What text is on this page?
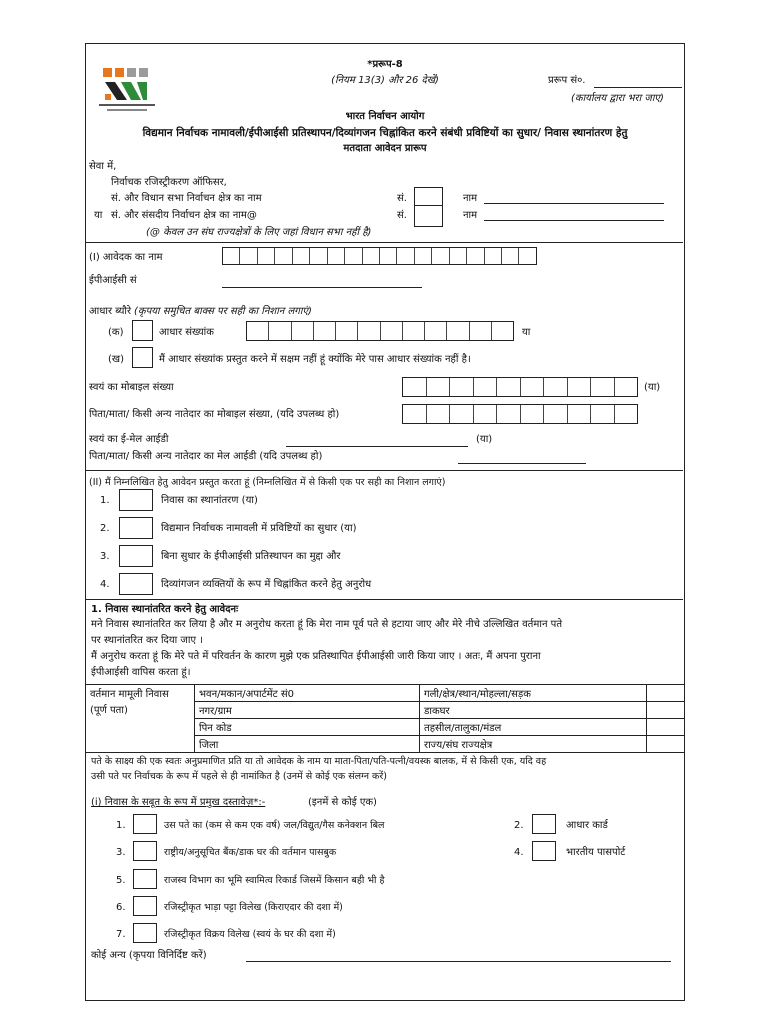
*प्ररूप-8
(नियम 13(3) और 26 देखें)	प्ररूप सं०.
(कार्यालय द्वारा भरा जाए)
भारत निर्वाचन आयोग
विद्यमान निर्वाचक नामावली/ईपीआईसी प्रतिस्थापन/दिव्यांगजन चिह्नांकित करने संबंधी प्रविष्टियों का सुधार/ निवास स्थानांतरण हेतु
मतदाता आवेदन प्रारूप
सेवा में,
निर्वाचक रजिस्ट्रीकरण ऑफिसर,
सं. और विधान सभा निर्वाचन क्षेत्र का नाम	सं.	नाम
या सं. और संसदीय निर्वाचन क्षेत्र का नाम@	सं.	नाम
(@ केवल उन संघ राज्यक्षेत्रों के लिए जहां विधान सभा नहीं है)
(I) आवेदक का नाम
ईपीआईसी सं
आधार ब्यौरे (कृपया समुचित बाक्स पर सही का निशान लगाएं)
(क)	आधार संख्यांक	या
(ख)	मैं आधार संख्यांक प्रस्तुत करने में सक्षम नहीं हूं क्योंकि मेरे पास आधार संख्यांक नहीं है।
स्वयं का मोबाइल संख्या	(या)
पिता/माता/ किसी अन्य नातेदार का मोबाइल संख्या, (यदि उपलब्ध हो)
स्वयं का ई-मेल आईडी	(या)
पिता/माता/ किसी अन्य नातेदार का मेल आईडी (यदि उपलब्ध हो)
(II) मैं निम्नलिखित हेतु आवेदन प्रस्तुत करता हूं (निम्नलिखित में से किसी एक पर सही का निशान लगाएं)
1.	निवास का स्थानांतरण (या)
2.	विद्यमान निर्वाचक नामावली में प्रविष्टियों का सुधार (या)
3.	बिना सुधार के ईपीआईसी प्रतिस्थापन का मुद्दा और
4.	दिव्यांगजन व्यक्तियों के रूप में चिह्नांकित करने हेतु अनुरोध
1. निवास स्थानांतरित करने हेतु आवेदनः
मने निवास स्थानांतरित कर लिया है और म अनुरोध करता हूं कि मेरा नाम पूर्व पते से हटाया जाए और मेरे नीचे उल्लिखित वर्तमान पते
पर स्थानांतरित कर दिया जाए ।
मैं अनुरोध करता हूं कि मेरे पते में परिवर्तन के कारण मुझे एक प्रतिस्थापित ईपीआईसी जारी किया जाए । अतः, मैं अपना पुराना
ईपीआईसी वापिस करता हूं।
वर्तमान मामूली निवास
(पूर्ण पता)	भवन/मकान/अपार्टमेंट सं0	गली/क्षेत्र/स्थान/मोहल्ला/सड़क	
	नगर/ग्राम	डाकघर	
	पिन कोड	तहसील/तालुका/मंडल	
	जिला	राज्य/संघ राज्यक्षेत्र	
पते के साक्ष्य की एक स्वतः अनुप्रमाणित प्रति या तो आवेदक के नाम या माता-पिता/पति-पत्नी/वयस्क बालक, में से किसी एक, यदि वह
उसी पते पर निर्वाचक के रूप में पहले से ही नामांकित है (उनमें से कोई एक संलग्न करें)
(i) निवास के सबूत के रूप में प्रमुख दस्तावेज़*:-	(इनमें से कोई एक)
1.	उस पते का (कम से कम एक वर्ष) जल/विद्युत/गैस कनेक्शन बिल	2.	आधार कार्ड
3.	राष्ट्रीय/अनुसूचित बैंक/डाक घर की वर्तमान पासबुक	4.	भारतीय पासपोर्ट
5.	राजस्व विभाग का भूमि स्वामित्व रिकार्ड जिसमें किसान बही भी है
6.	रजिस्ट्रीकृत भाड़ा पट्टा विलेख (किराएदार की दशा में)
7.	रजिस्ट्रीकृत विक्रय विलेख (स्वयं के घर की दशा में)
कोई अन्य (कृपया विनिर्दिष्ट करें)
